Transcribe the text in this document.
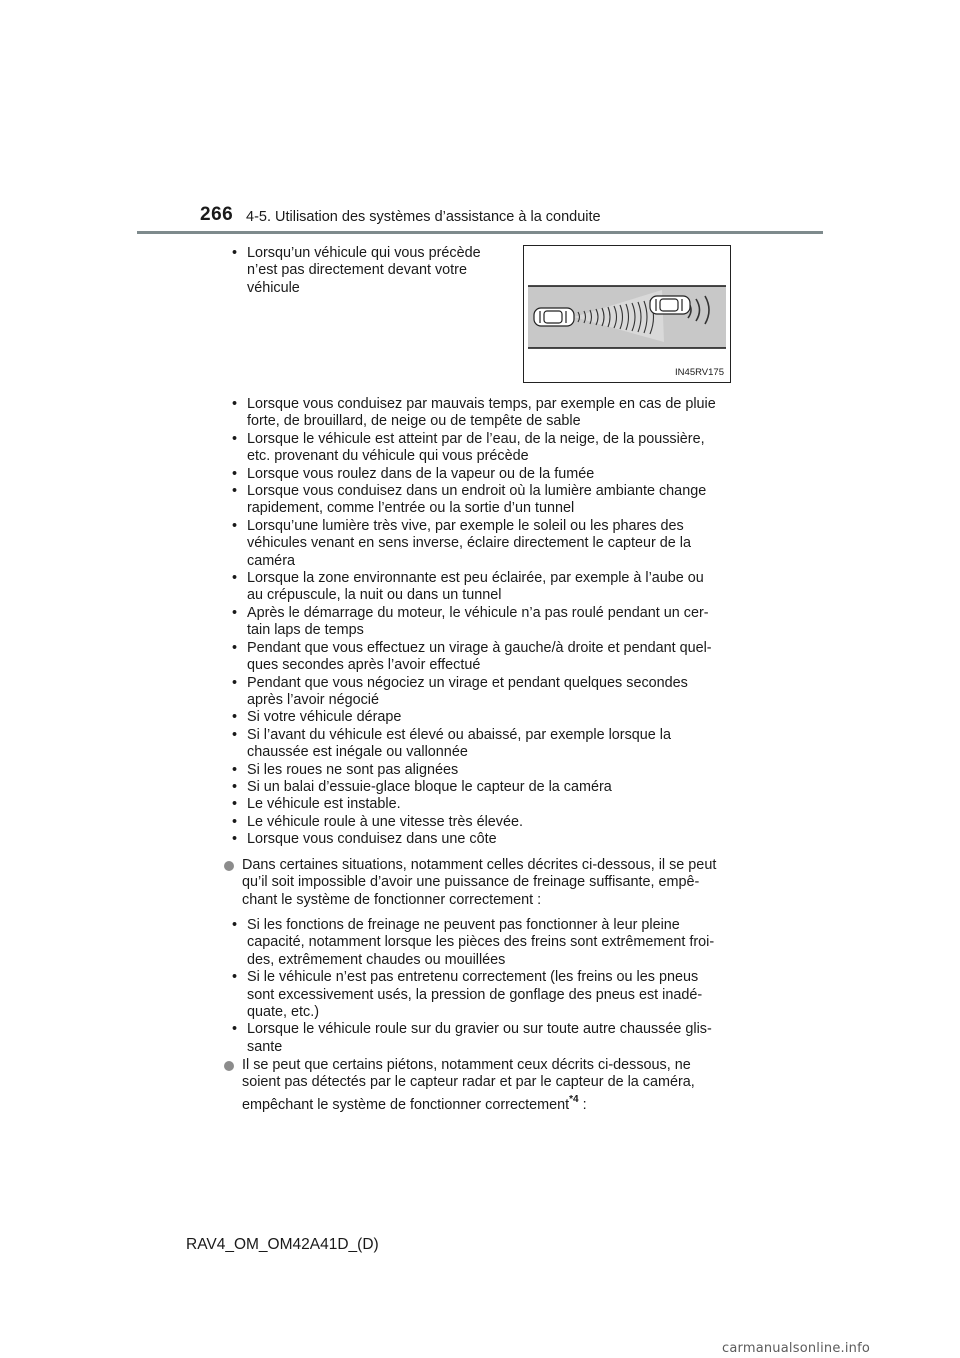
266 4-5. Utilisation des systèmes d’assistance à la conduite
• Lorsqu’un véhicule qui vous précède
n’est pas directement devant votre
véhicule
IN45RV175
• Lorsque vous conduisez par mauvais temps, par exemple en cas de pluie
forte, de brouillard, de neige ou de tempête de sable
• Lorsque le véhicule est atteint par de l’eau, de la neige, de la poussière,
etc. provenant du véhicule qui vous précède
• Lorsque vous roulez dans de la vapeur ou de la fumée
• Lorsque vous conduisez dans un endroit où la lumière ambiante change
rapidement, comme l’entrée ou la sortie d’un tunnel
• Lorsqu’une lumière très vive, par exemple le soleil ou les phares des
véhicules venant en sens inverse, éclaire directement le capteur de la
caméra
• Lorsque la zone environnante est peu éclairée, par exemple à l’aube ou
au crépuscule, la nuit ou dans un tunnel
• Après le démarrage du moteur, le véhicule n’a pas roulé pendant un cer-
tain laps de temps
• Pendant que vous effectuez un virage à gauche/à droite et pendant quel-
ques secondes après l’avoir effectué
• Pendant que vous négociez un virage et pendant quelques secondes
après l’avoir négocié
• Si votre véhicule dérape
• Si l’avant du véhicule est élevé ou abaissé, par exemple lorsque la
chaussée est inégale ou vallonnée
• Si les roues ne sont pas alignées
• Si un balai d’essuie-glace bloque le capteur de la caméra
• Le véhicule est instable.
• Le véhicule roule à une vitesse très élevée.
• Lorsque vous conduisez dans une côte
Dans certaines situations, notamment celles décrites ci-dessous, il se peut
qu’il soit impossible d’avoir une puissance de freinage suffisante, empê-
chant le système de fonctionner correctement :
• Si les fonctions de freinage ne peuvent pas fonctionner à leur pleine
capacité, notamment lorsque les pièces des freins sont extrêmement froi-
des, extrêmement chaudes ou mouillées
• Si le véhicule n’est pas entretenu correctement (les freins ou les pneus
sont excessivement usés, la pression de gonflage des pneus est inadé-
quate, etc.)
• Lorsque le véhicule roule sur du gravier ou sur toute autre chaussée glis-
sante
Il se peut que certains piétons, notamment ceux décrits ci-dessous, ne
soient pas détectés par le capteur radar et par le capteur de la caméra,
empêchant le système de fonctionner correctement$^{*4}$ :
RAV4_OM_OM42A41D_(D)
carmanualsonline.info
